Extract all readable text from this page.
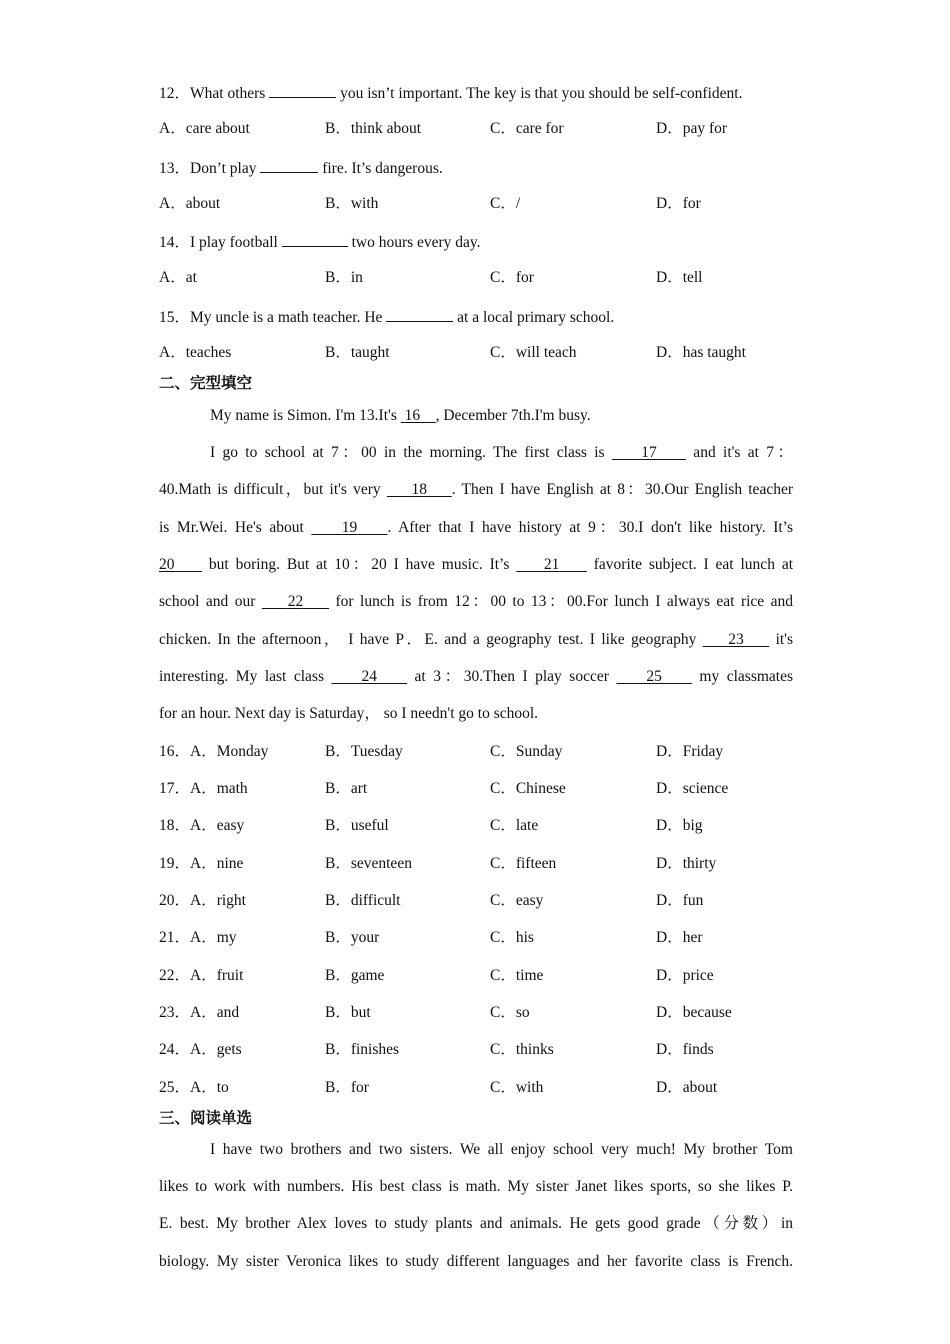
12．What others	you isn’t important. The key is that you should be self-confident.
A．care about	B．think about	C．care for	D．pay for
13．Don’t play	fire. It’s dangerous.
A．about	B．with	C．/	D．for
14．I play football	two hours every day.
A．at	B．in	C．for	D．tell
15．My uncle is a math teacher. He	at a local primary school.
A．teaches	B．taught	C．will teach	D．has taught
二、完型填空
My name is Simon. I'm 13.It's  16 , December 7th.I'm busy.
I go to school at 7：00 in the morning. The first class is     17     and it's at 7：
40.Math is difficult，but it's very     18 . Then I have English at 8：30.Our English teacher
is Mr.Wei. He's about     19 . After that I have history at 9：30.I don't like history. It’s
20     but boring. But at 10：20 I have music. It’s     21     favorite subject. I eat lunch at
school and our     22     for lunch is from 12：00 to 13：00.For lunch I always eat rice and
chicken. In the afternoon， I have P．E. and a geography test. I like geography     23     it's
interesting. My last class     24     at 3：30.Then I play soccer     25     my classmates
for an hour. Next day is Saturday， so I needn't go to school.
16．A．Monday	B．Tuesday	C．Sunday	D．Friday
17．A．math	B．art	C．Chinese	D．science
18．A．easy	B．useful	C．late	D．big
19．A．nine	B．seventeen	C．fifteen	D．thirty
20．A．right	B．difficult	C．easy	D．fun
21．A．my	B．your	C．his	D．her
22．A．fruit	B．game	C．time	D．price
23．A．and	B．but	C．so	D．because
24．A．gets	B．finishes	C．thinks	D．finds
25．A．to	B．for	C．with	D．about
三、阅读单选
I have two brothers and two sisters. We all enjoy school very much! My brother Tom
likes to work with numbers. His best class is math. My sister Janet likes sports, so she likes P.
E. best. My brother Alex loves to study plants and animals. He gets good grade（分数）in
biology. My sister Veronica likes to study different languages and her favorite class is French.
